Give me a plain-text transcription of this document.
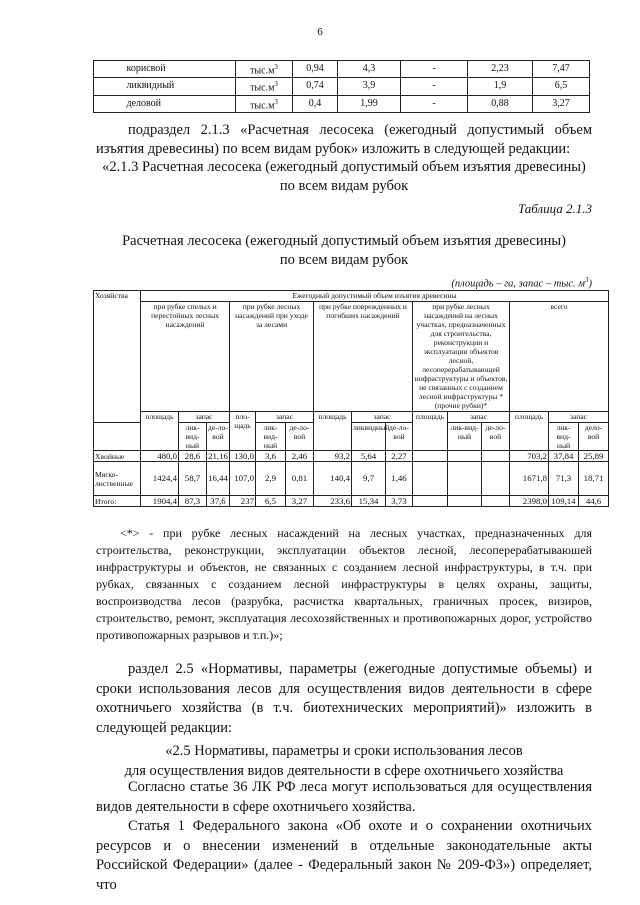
6
	корисвой	$тыс.м^3$	0,94	4,3	-	2,23	7,47
	ликвидный	$тыс.м^3$	0,74	3,9	-	1,9	6,5
	деловой	$тыс.м^3$	0,4	1,99	-	0,88	3,27

подраздел 2.1.3 «Расчетная лесосека (ежегодный допустимый объем изъятия древесины) по всем видам рубок» изложить в следующей редакции:

«2.1.3 Расчетная лесосека (ежегодный допустимый объем изъятия древесины) по всем видам рубок

Таблица 2.1.3
Расчетная лесосека (ежегодный допустимый объем изъятия древесины)
по всем видам рубок
(площадь – га, запас – тыс. $м^3$)
Хозяйства	Ежегодный допустимый объем изъятия древесины														
	при рубке спелых и перестойных лесных насаждений			при рубке лесных насаждений при уходе за лесами			при рубке поврежденных и погибших насаждений			при рубке лесных насаждений на лесных участках, предназначенных для строительства, реконструкции и эксплуатации объектов лесной, лесоперерабатывающей инфраструктуры и объектов, не связанных с созданием лесной инфраструктуры * (прочие рубки)*			всего		
	площадь	запас		пло-щадь	запас		площадь	запас		площадь	запас		площадь	запас	
		лик-вид-ный	де-ло-вой		лик-вид-ный	де-ло-вой		ликвидный	де-ло-вой		лик-вид-ный	де-ло-вой		лик-вид-ный	дело-вой
Хвойные	480,0	28,6	21,16	130,0	3,6	2,46	93,2	5,64	2,27				703,2	37,84	25,89
Мягко-лиственные	1424,4	58,7	16,44	107,0	2,9	0,81	140,4	9,7	1,46				1671,8	71,3	18,71
Итого:	1904,4	87,3	37,6	237	6,5	3,27	233,6	15,34	3,73				2398,0	109,14	44,6

<*> - при рубке лесных насаждений на лесных участках, предназначенных для строительства, реконструкции, эксплуатации объектов лесной, лесоперерабатываюшей инфраструктуры и объектов, не связанных с созданием лесной инфраструктуры, в т.ч. при рубках, связанных с созданием лесной инфраструктуры в целях охраны, защиты, воспроизводства лесов (разрубка, расчистка квартальных, граничных просек, визиров, строительство, ремонт, эксплуатация лесохозяйственных и противопожарных дорог, устройство противопожарных разрывов и т.п.)»;

раздел 2.5 «Нормативы, параметры (ежегодные допустимые объемы) и сроки использования лесов для осуществления видов деятельности в сфере охотничьего хозяйства (в т.ч. биотехнических мероприятий)» изложить в следующей редакции:

«2.5 Нормативы, параметры и сроки использования лесов

для осуществления видов деятельности в сфере охотничьего хозяйства

Согласно статье 36 ЛК РФ леса могут использоваться для осуществления видов деятельности в сфере охотничьего хозяйства.

Статья 1 Федерального закона «Об охоте и о сохранении охотничьих ресурсов и о внесении изменений в отдельные законодательные акты Российской Федерации» (далее - Федеральный закон № 209-ФЗ») определяет, что
